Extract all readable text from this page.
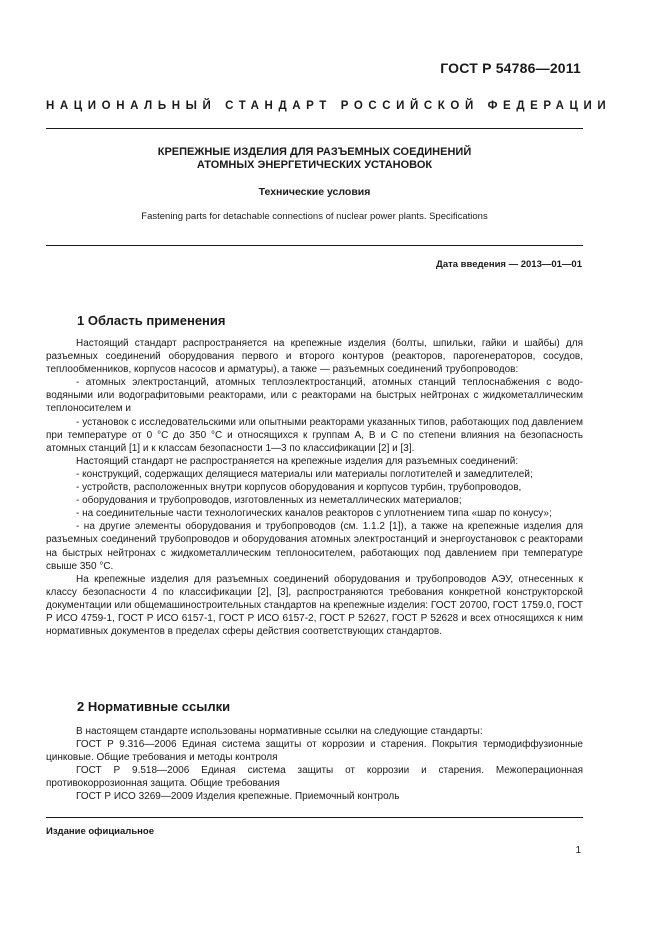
ГОСТ Р 54786—2011
НАЦИОНАЛЬНЫЙ СТАНДАРТ РОССИЙСКОЙ ФЕДЕРАЦИИ
КРЕПЕЖНЫЕ ИЗДЕЛИЯ ДЛЯ РАЗЪЕМНЫХ СОЕДИНЕНИЙ
АТОМНЫХ ЭНЕРГЕТИЧЕСКИХ УСТАНОВОК
Технические условия
Fastening parts for detachable connections of nuclear power plants. Specifications
Дата введения — 2013—01—01
1 Область применения

Настоящий стандарт распространяется на крепежные изделия (болты, шпильки, гайки и шайбы) для разъемных соединений оборудования первого и второго контуров (реакторов, парогенераторов, сосудов, теплообменников, корпусов насосов и арматуры), а также — разъемных соединений трубопроводов:

- атомных электростанций, атомных теплоэлектростанций, атомных станций теплоснабжения с водо-водяными или водографитовыми реакторами, или с реакторами на быстрых нейтронах с жидкометаллическим теплоносителем и

- установок с исследовательскими или опытными реакторами указанных типов, работающих под давлением при температуре от 0 °С до 350 °С и относящихся к группам А, В и С по степени влияния на безопасность атомных станций [1] и к классам безопасности 1—3 по классификации [2] и [3].

Настоящий стандарт не распространяется на крепежные изделия для разъемных соединений:

- конструкций, содержащих делящиеся материалы или материалы поглотителей и замедлителей;

- устройств, расположенных внутри корпусов оборудования и корпусов турбин, трубопроводов,

- оборудования и трубопроводов, изготовленных из неметаллических материалов;

- на соединительные части технологических каналов реакторов с уплотнением типа «шар по конусу»;

- на другие элементы оборудования и трубопроводов (см. 1.1.2 [1]), а также на крепежные изделия для разъемных соединений трубопроводов и оборудования атомных электростанций и энергоустановок с реакторами на быстрых нейтронах с жидкометаллическим теплоносителем, работающих под давлением при температуре свыше 350 °С.

На крепежные изделия для разъемных соединений оборудования и трубопроводов АЭУ, отнесенных к классу безопасности 4 по классификации [2], [3], распространяются требования конкретной конструкторской документации или общемашиностроительных стандартов на крепежные изделия: ГОСТ 20700, ГОСТ 1759.0, ГОСТ Р ИСО 4759-1, ГОСТ Р ИСО 6157-1, ГОСТ Р ИСО 6157-2, ГОСТ Р 52627, ГОСТ Р 52628 и всех относящихся к ним нормативных документов в пределах сферы действия соответствующих стандартов.

2 Нормативные ссылки

В настоящем стандарте использованы нормативные ссылки на следующие стандарты:

ГОСТ Р 9.316—2006 Единая система защиты от коррозии и старения. Покрытия термодиффузионные цинковые. Общие требования и методы контроля

ГОСТ Р 9.518—2006 Единая система защиты от коррозии и старения. Межоперационная противокоррозионная защита. Общие требования

ГОСТ Р ИСО 3269—2009 Изделия крепежные. Приемочный контроль

Издание официальное
1
